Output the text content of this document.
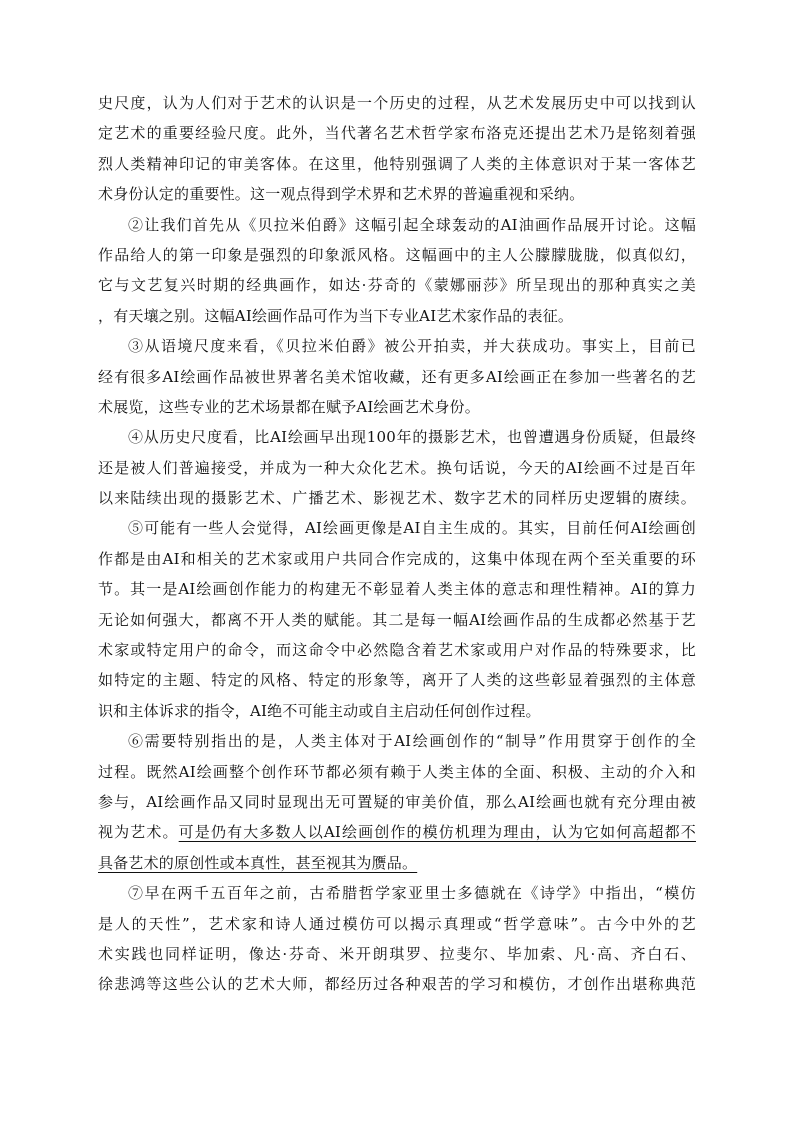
史尺度，认为人们对于艺术的认识是一个历史的过程，从艺术发展历史中可以找到认
定艺术的重要经验尺度。此外，当代著名艺术哲学家布洛克还提出艺术乃是铭刻着强
烈人类精神印记的审美客体。在这里，他特别强调了人类的主体意识对于某一客体艺
术身份认定的重要性。这一观点得到学术界和艺术界的普遍重视和采纳。
②让我们首先从《贝拉米伯爵》这幅引起全球轰动的AI油画作品展开讨论。这幅
作品给人的第一印象是强烈的印象派风格。这幅画中的主人公朦朦胧胧，似真似幻，
它与文艺复兴时期的经典画作，如达·芬奇的《蒙娜丽莎》所呈现出的那种真实之美
，有天壤之别。这幅AI绘画作品可作为当下专业AI艺术家作品的表征。
③从语境尺度来看，《贝拉米伯爵》被公开拍卖，并大获成功。事实上，目前已
经有很多AI绘画作品被世界著名美术馆收藏，还有更多AI绘画正在参加一些著名的艺
术展览，这些专业的艺术场景都在赋予AI绘画艺术身份。
④从历史尺度看，比AI绘画早出现100年的摄影艺术，也曾遭遇身份质疑，但最终
还是被人们普遍接受，并成为一种大众化艺术。换句话说，今天的AI绘画不过是百年
以来陆续出现的摄影艺术、广播艺术、影视艺术、数字艺术的同样历史逻辑的赓续。
⑤可能有一些人会觉得，AI绘画更像是AI自主生成的。其实，目前任何AI绘画创
作都是由AI和相关的艺术家或用户共同合作完成的，这集中体现在两个至关重要的环
节。其一是AI绘画创作能力的构建无不彰显着人类主体的意志和理性精神。AI的算力
无论如何强大，都离不开人类的赋能。其二是每一幅AI绘画作品的生成都必然基于艺
术家或特定用户的命令，而这命令中必然隐含着艺术家或用户对作品的特殊要求，比
如特定的主题、特定的风格、特定的形象等，离开了人类的这些彰显着强烈的主体意
识和主体诉求的指令，AI绝不可能主动或自主启动任何创作过程。
⑥需要特别指出的是，人类主体对于AI绘画创作的“制导”作用贯穿于创作的全
过程。既然AI绘画整个创作环节都必须有赖于人类主体的全面、积极、主动的介入和
参与，AI绘画作品又同时显现出无可置疑的审美价值，那么AI绘画也就有充分理由被
视为艺术。可是仍有大多数人以AI绘画创作的模仿机理为理由，认为它如何高超都不
具备艺术的原创性或本真性，甚至视其为赝品。
⑦早在两千五百年之前，古希腊哲学家亚里士多德就在《诗学》中指出，“模仿
是人的天性”，艺术家和诗人通过模仿可以揭示真理或“哲学意味”。古今中外的艺
术实践也同样证明，像达·芬奇、米开朗琪罗、拉斐尔、毕加索、凡·高、齐白石、
徐悲鸿等这些公认的艺术大师，都经历过各种艰苦的学习和模仿，才创作出堪称典范
